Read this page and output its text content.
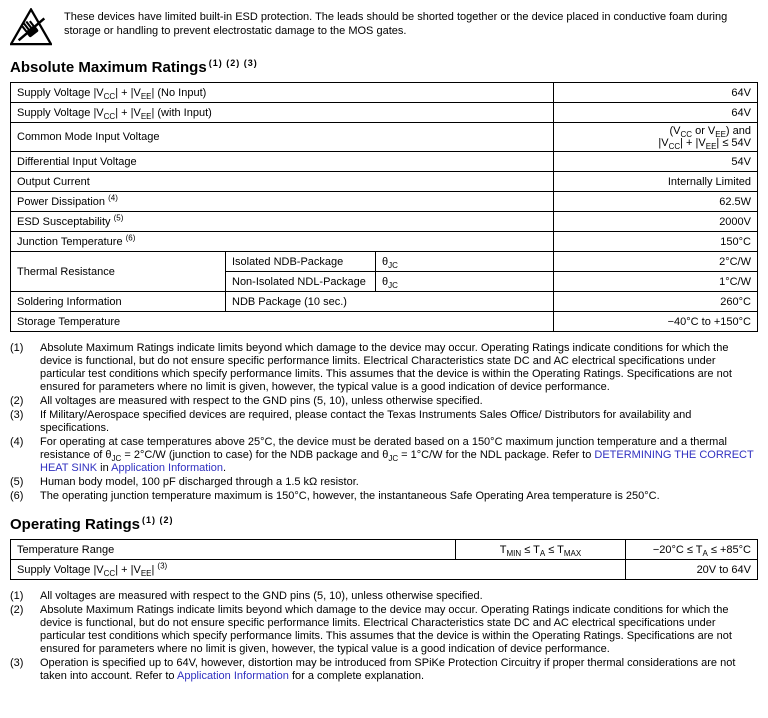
These devices have limited built-in ESD protection. The leads should be shorted together or the device placed in conductive foam during storage or handling to prevent electrostatic damage to the MOS gates.

Absolute Maximum Ratings $^{(1) (2) (3)}$
Supply Voltage $|V_{CC}| + |V_{EE}|$ (No Input)			64V
Supply Voltage $|V_{CC}| + |V_{EE}|$ (with Input)			64V
Common Mode Input Voltage			($V_{CC}$ or $V_{EE}$) and
$|V_{CC}| + |V_{EE}| \le 54V$
Differential Input Voltage			54V
Output Current			Internally Limited
Power Dissipation $^{(4)}$			62.5W
ESD Susceptability $^{(5)}$			2000V
Junction Temperature $^{(6)}$			150°C
Thermal Resistance	Isolated NDB-Package	$\theta_{JC}$	2°C/W
	Non-Isolated NDL-Package	$\theta_{JC}$	1°C/W
Soldering Information	NDB Package (10 sec.)		260°C
Storage Temperature			−40°C to +150°C
(1)	Absolute Maximum Ratings indicate limits beyond which damage to the device may occur. Operating Ratings indicate conditions for which the device is functional, but do not ensure specific performance limits. Electrical Characteristics state DC and AC electrical specifications under particular test conditions which specify performance limits. This assumes that the device is within the Operating Ratings. Specifications are not ensured for parameters where no limit is given, however, the typical value is a good indication of device performance.
(2)	All voltages are measured with respect to the GND pins (5, 10), unless otherwise specified.
(3)	If Military/Aerospace specified devices are required, please contact the Texas Instruments Sales Office/ Distributors for availability and specifications.
(4)	For operating at case temperatures above 25°C, the device must be derated based on a 150°C maximum junction temperature and a thermal resistance of $\theta_{JC} = 2^\circ C/W$ (junction to case) for the NDB package and $\theta_{JC} = 1^\circ C/W$ for the NDL package. Refer to DETERMINING THE CORRECT HEAT SINK in Application Information.
(5)	Human body model, 100 pF discharged through a 1.5 kΩ resistor.
(6)	The operating junction temperature maximum is 150°C, however, the instantaneous Safe Operating Area temperature is 250°C.
Operating Ratings $^{(1) (2)}$
Temperature Range	$T_{MIN} \le T_A \le T_{MAX}$	$-20^\circ C \le T_A \le +85^\circ C$
Supply Voltage $|V_{CC}| + |V_{EE}|$ $^{(3)}$		20V to 64V
(1)	All voltages are measured with respect to the GND pins (5, 10), unless otherwise specified.
(2)	Absolute Maximum Ratings indicate limits beyond which damage to the device may occur. Operating Ratings indicate conditions for which the device is functional, but do not ensure specific performance limits. Electrical Characteristics state DC and AC electrical specifications under particular test conditions which specify performance limits. This assumes that the device is within the Operating Ratings. Specifications are not ensured for parameters where no limit is given, however, the typical value is a good indication of device performance.
(3)	Operation is specified up to 64V, however, distortion may be introduced from SPiKe Protection Circuitry if proper thermal considerations are not taken into account. Refer to Application Information for a complete explanation.
